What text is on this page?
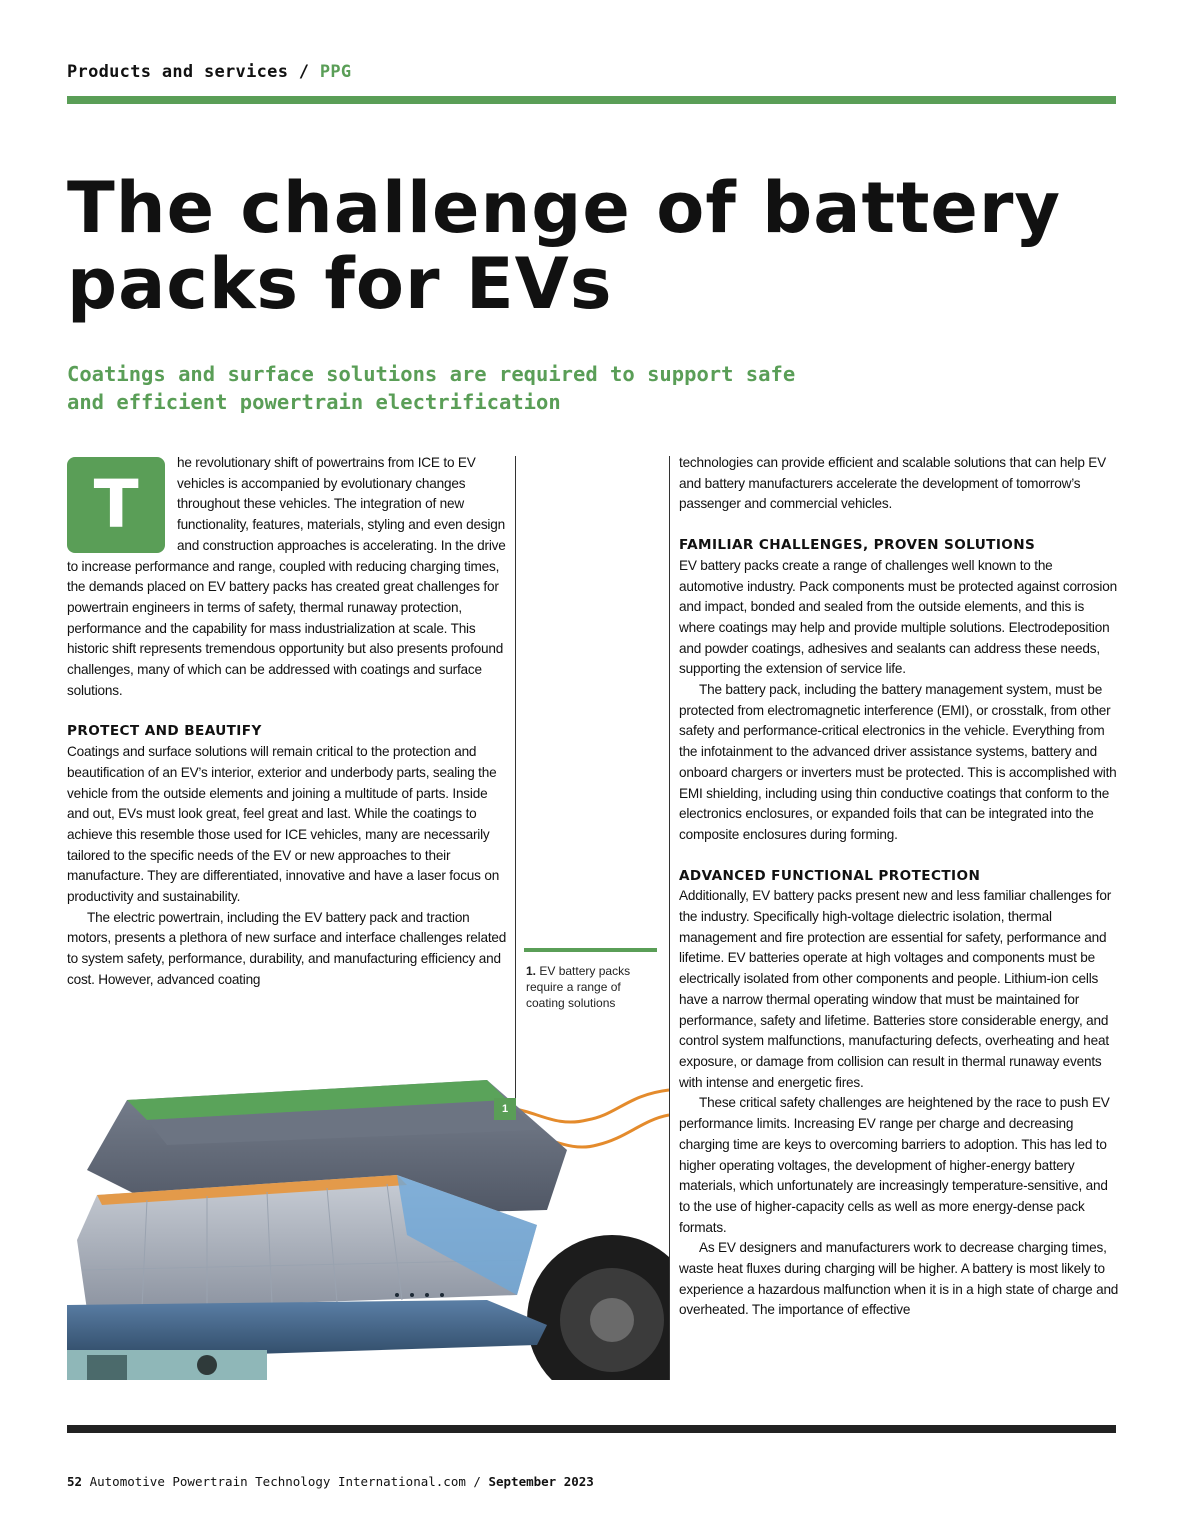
Products and services / PPG
The challenge of battery packs for EVs
Coatings and surface solutions are required to support safe and efficient powertrain electrification
T

he revolutionary shift of powertrains from ICE to EV vehicles is accompanied by evolutionary changes throughout these vehicles. The integration of new functionality, features, materials, styling and even design and construction approaches is accelerating. In the drive to increase performance and range, coupled with reducing charging times, the demands placed on EV battery packs has created great challenges for powertrain engineers in terms of safety, thermal runaway protection, performance and the capability for mass industrialization at scale. This historic shift represents tremendous opportunity but also presents profound challenges, many of which can be addressed with coatings and surface solutions.

PROTECT AND BEAUTIFY

Coatings and surface solutions will remain critical to the protection and beautification of an EV’s interior, exterior and underbody parts, sealing the vehicle from the outside elements and joining a multitude of parts. Inside and out, EVs must look great, feel great and last. While the coatings to achieve this resemble those used for ICE vehicles, many are necessarily tailored to the specific needs of the EV or new approaches to their manufacture. They are differentiated, innovative and have a laser focus on productivity and sustainability.

The electric powertrain, including the EV battery pack and traction motors, presents a plethora of new surface and interface challenges related to system safety, performance, durability, and manufacturing efficiency and cost. However, advanced coating

1. EV battery packs require a range of coating solutions
1

technologies can provide efficient and scalable solutions that can help EV and battery manufacturers accelerate the development of tomorrow’s passenger and commercial vehicles.

FAMILIAR CHALLENGES, PROVEN SOLUTIONS

EV battery packs create a range of challenges well known to the automotive industry. Pack components must be protected against corrosion and impact, bonded and sealed from the outside elements, and this is where coatings may help and provide multiple solutions. Electrodeposition and powder coatings, adhesives and sealants can address these needs, supporting the extension of service life.

The battery pack, including the battery management system, must be protected from electromagnetic interference (EMI), or crosstalk, from other safety and performance-critical electronics in the vehicle. Everything from the infotainment to the advanced driver assistance systems, battery and onboard chargers or inverters must be protected. This is accomplished with EMI shielding, including using thin conductive coatings that conform to the electronics enclosures, or expanded foils that can be integrated into the composite enclosures during forming.

ADVANCED FUNCTIONAL PROTECTION

Additionally, EV battery packs present new and less familiar challenges for the industry. Specifically high-voltage dielectric isolation, thermal management and fire protection are essential for safety, performance and lifetime. EV batteries operate at high voltages and components must be electrically isolated from other components and people. Lithium-ion cells have a narrow thermal operating window that must be maintained for performance, safety and lifetime. Batteries store considerable energy, and control system malfunctions, manufacturing defects, overheating and heat exposure, or damage from collision can result in thermal runaway events with intense and energetic fires.

These critical safety challenges are heightened by the race to push EV performance limits. Increasing EV range per charge and decreasing charging time are keys to overcoming barriers to adoption. This has led to higher operating voltages, the development of higher-energy battery materials, which unfortunately are increasingly temperature-sensitive, and to the use of higher-capacity cells as well as more energy-dense pack formats.

As EV designers and manufacturers work to decrease charging times, waste heat fluxes during charging will be higher. A battery is most likely to experience a hazardous malfunction when it is in a high state of charge and overheated. The importance of effective

52 Automotive Powertrain Technology International.com / September 2023
